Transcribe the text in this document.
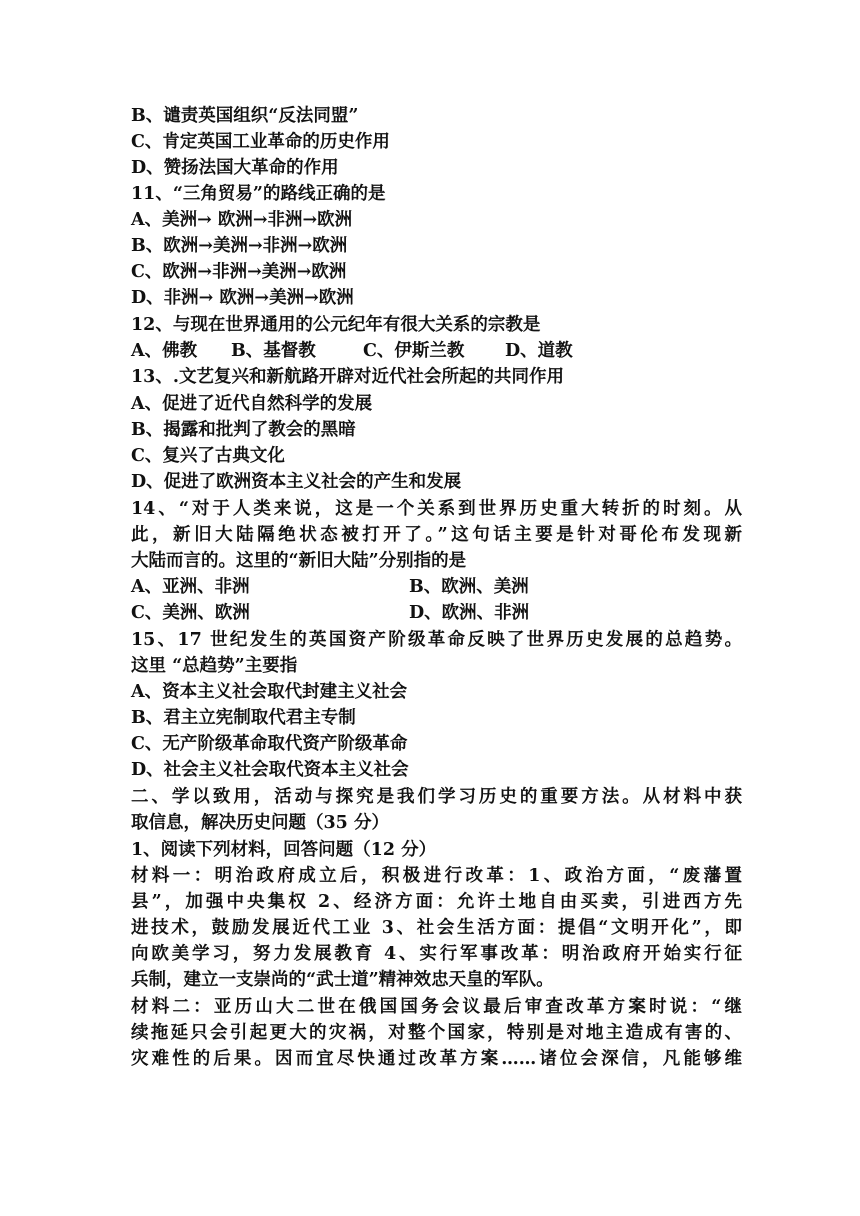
B、谴责英国组织“反法同盟”
C、肯定英国工业革命的历史作用
D、赞扬法国大革命的作用
11、“三角贸易”的路线正确的是
A、美洲→ 欧洲→非洲→欧洲
B、欧洲→美洲→非洲→欧洲
C、欧洲→非洲→美洲→欧洲
D、非洲→ 欧洲→美洲→欧洲
12、与现在世界通用的公元纪年有很大关系的宗教是
A、佛教 B、基督教	C、伊斯兰教 D、道教
13、.文艺复兴和新航路开辟对近代社会所起的共同作用
A、促进了近代自然科学的发展
B、揭露和批判了教会的黑暗
C、复兴了古典文化
D、促进了欧洲资本主义社会的产生和发展
14、“对于人类来说，这是一个关系到世界历史重大转折的时刻。从
此，新旧大陆隔绝状态被打开了。”这句话主要是针对哥伦布发现新
大陆而言的。这里的“新旧大陆”分别指的是
A、亚洲、非洲	B、欧洲、美洲
C、美洲、欧洲	D、欧洲、非洲
15、17 世纪发生的英国资产阶级革命反映了世界历史发展的总趋势。
这里 “总趋势”主要指
A、资本主义社会取代封建主义社会
B、君主立宪制取代君主专制
C、无产阶级革命取代资产阶级革命
D、社会主义社会取代资本主义社会
二、学以致用，活动与探究是我们学习历史的重要方法。从材料中获
取信息，解决历史问题（35 分）
1、阅读下列材料，回答问题（12 分）
材料一：明治政府成立后，积极进行改革：1、政治方面，“废藩置
县”，加强中央集权 2、经济方面：允许土地自由买卖，引进西方先
进技术，鼓励发展近代工业 3、社会生活方面：提倡“文明开化”，即
向欧美学习，努力发展教育 4、实行军事改革：明治政府开始实行征
兵制，建立一支崇尚的“武士道”精神效忠天皇的军队。
材料二：亚历山大二世在俄国国务会议最后审查改革方案时说：“继
续拖延只会引起更大的灾祸，对整个国家，特别是对地主造成有害的、
灾难性的后果。因而宜尽快通过改革方案……诸位会深信，凡能够维
